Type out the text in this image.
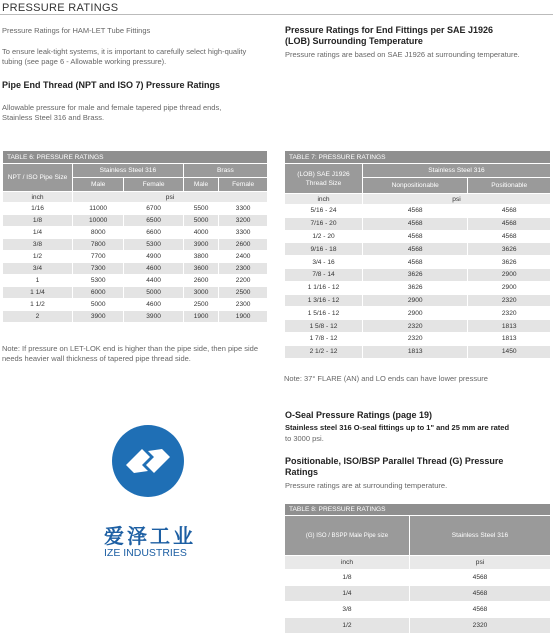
PRESSURE RATINGS
Pressure Ratings for HAM-LET Tube Fittings
To ensure leak-tight systems, it is important to carefully select high-quality tubing (see page 6 - Allowable working pressure).
Pipe End Thread (NPT and ISO 7) Pressure Ratings
Allowable pressure for male and female tapered pipe thread ends, Stainless Steel 316 and Brass.
Pressure Ratings for End Fittings per SAE J1926 (LOB) Surrounding Temperature
Pressure ratings are based on SAE J1926 at surrounding temperature.
TABLE 6: PRESSURE RATINGS				
NPT / ISO Pipe Size	Stainless Steel 316		Brass	
	Male	Female	Male	Female
inch	psi			
1/16	11000	6700	5500	3300
1/8	10000	6500	5000	3200
1/4	8000	6600	4000	3300
3/8	7800	5300	3900	2600
1/2	7700	4900	3800	2400
3/4	7300	4600	3600	2300
1	5300	4400	2600	2200
1 1/4	6000	5000	3000	2500
1 1/2	5000	4600	2500	2300
2	3900	3900	1900	1900
Note: If pressure on LET-LOK end is higher than the pipe side, then pipe side needs heavier wall thickness of tapered pipe thread side.
TABLE 7: PRESSURE RATINGS		
(LOB) SAE J1926 Thread Size	Stainless Steel 316	
	Nonpositionable	Positionable
inch	psi	
5/16 - 24	4568	4568
7/16 - 20	4568	4568
1/2 - 20	4568	4568
9/16 - 18	4568	3626
3/4 - 16	4568	3626
7/8 - 14	3626	2900
1 1/16 - 12	3626	2900
1 3/16 - 12	2900	2320
1 5/16 - 12	2900	2320
1 5/8 - 12	2320	1813
1 7/8 - 12	2320	1813
2 1/2 - 12	1813	1450
Note: 37° FLARE (AN) and LO ends can have lower pressure
O-Seal Pressure Ratings (page 19)
Stainless steel 316 O-seal fittings up to 1" and 25 mm are rated
to 3000 psi.
Positionable, ISO/BSP Parallel Thread (G) Pressure Ratings
Pressure ratings are at surrounding temperature.
TABLE 8: PRESSURE RATINGS	
(G) ISO / BSPP Male Pipe size	Stainless Steel 316
inch	psi
1/8	4568
1/4	4568
3/8	4568
1/2	2320
爱泽工业
IZE INDUSTRIES
